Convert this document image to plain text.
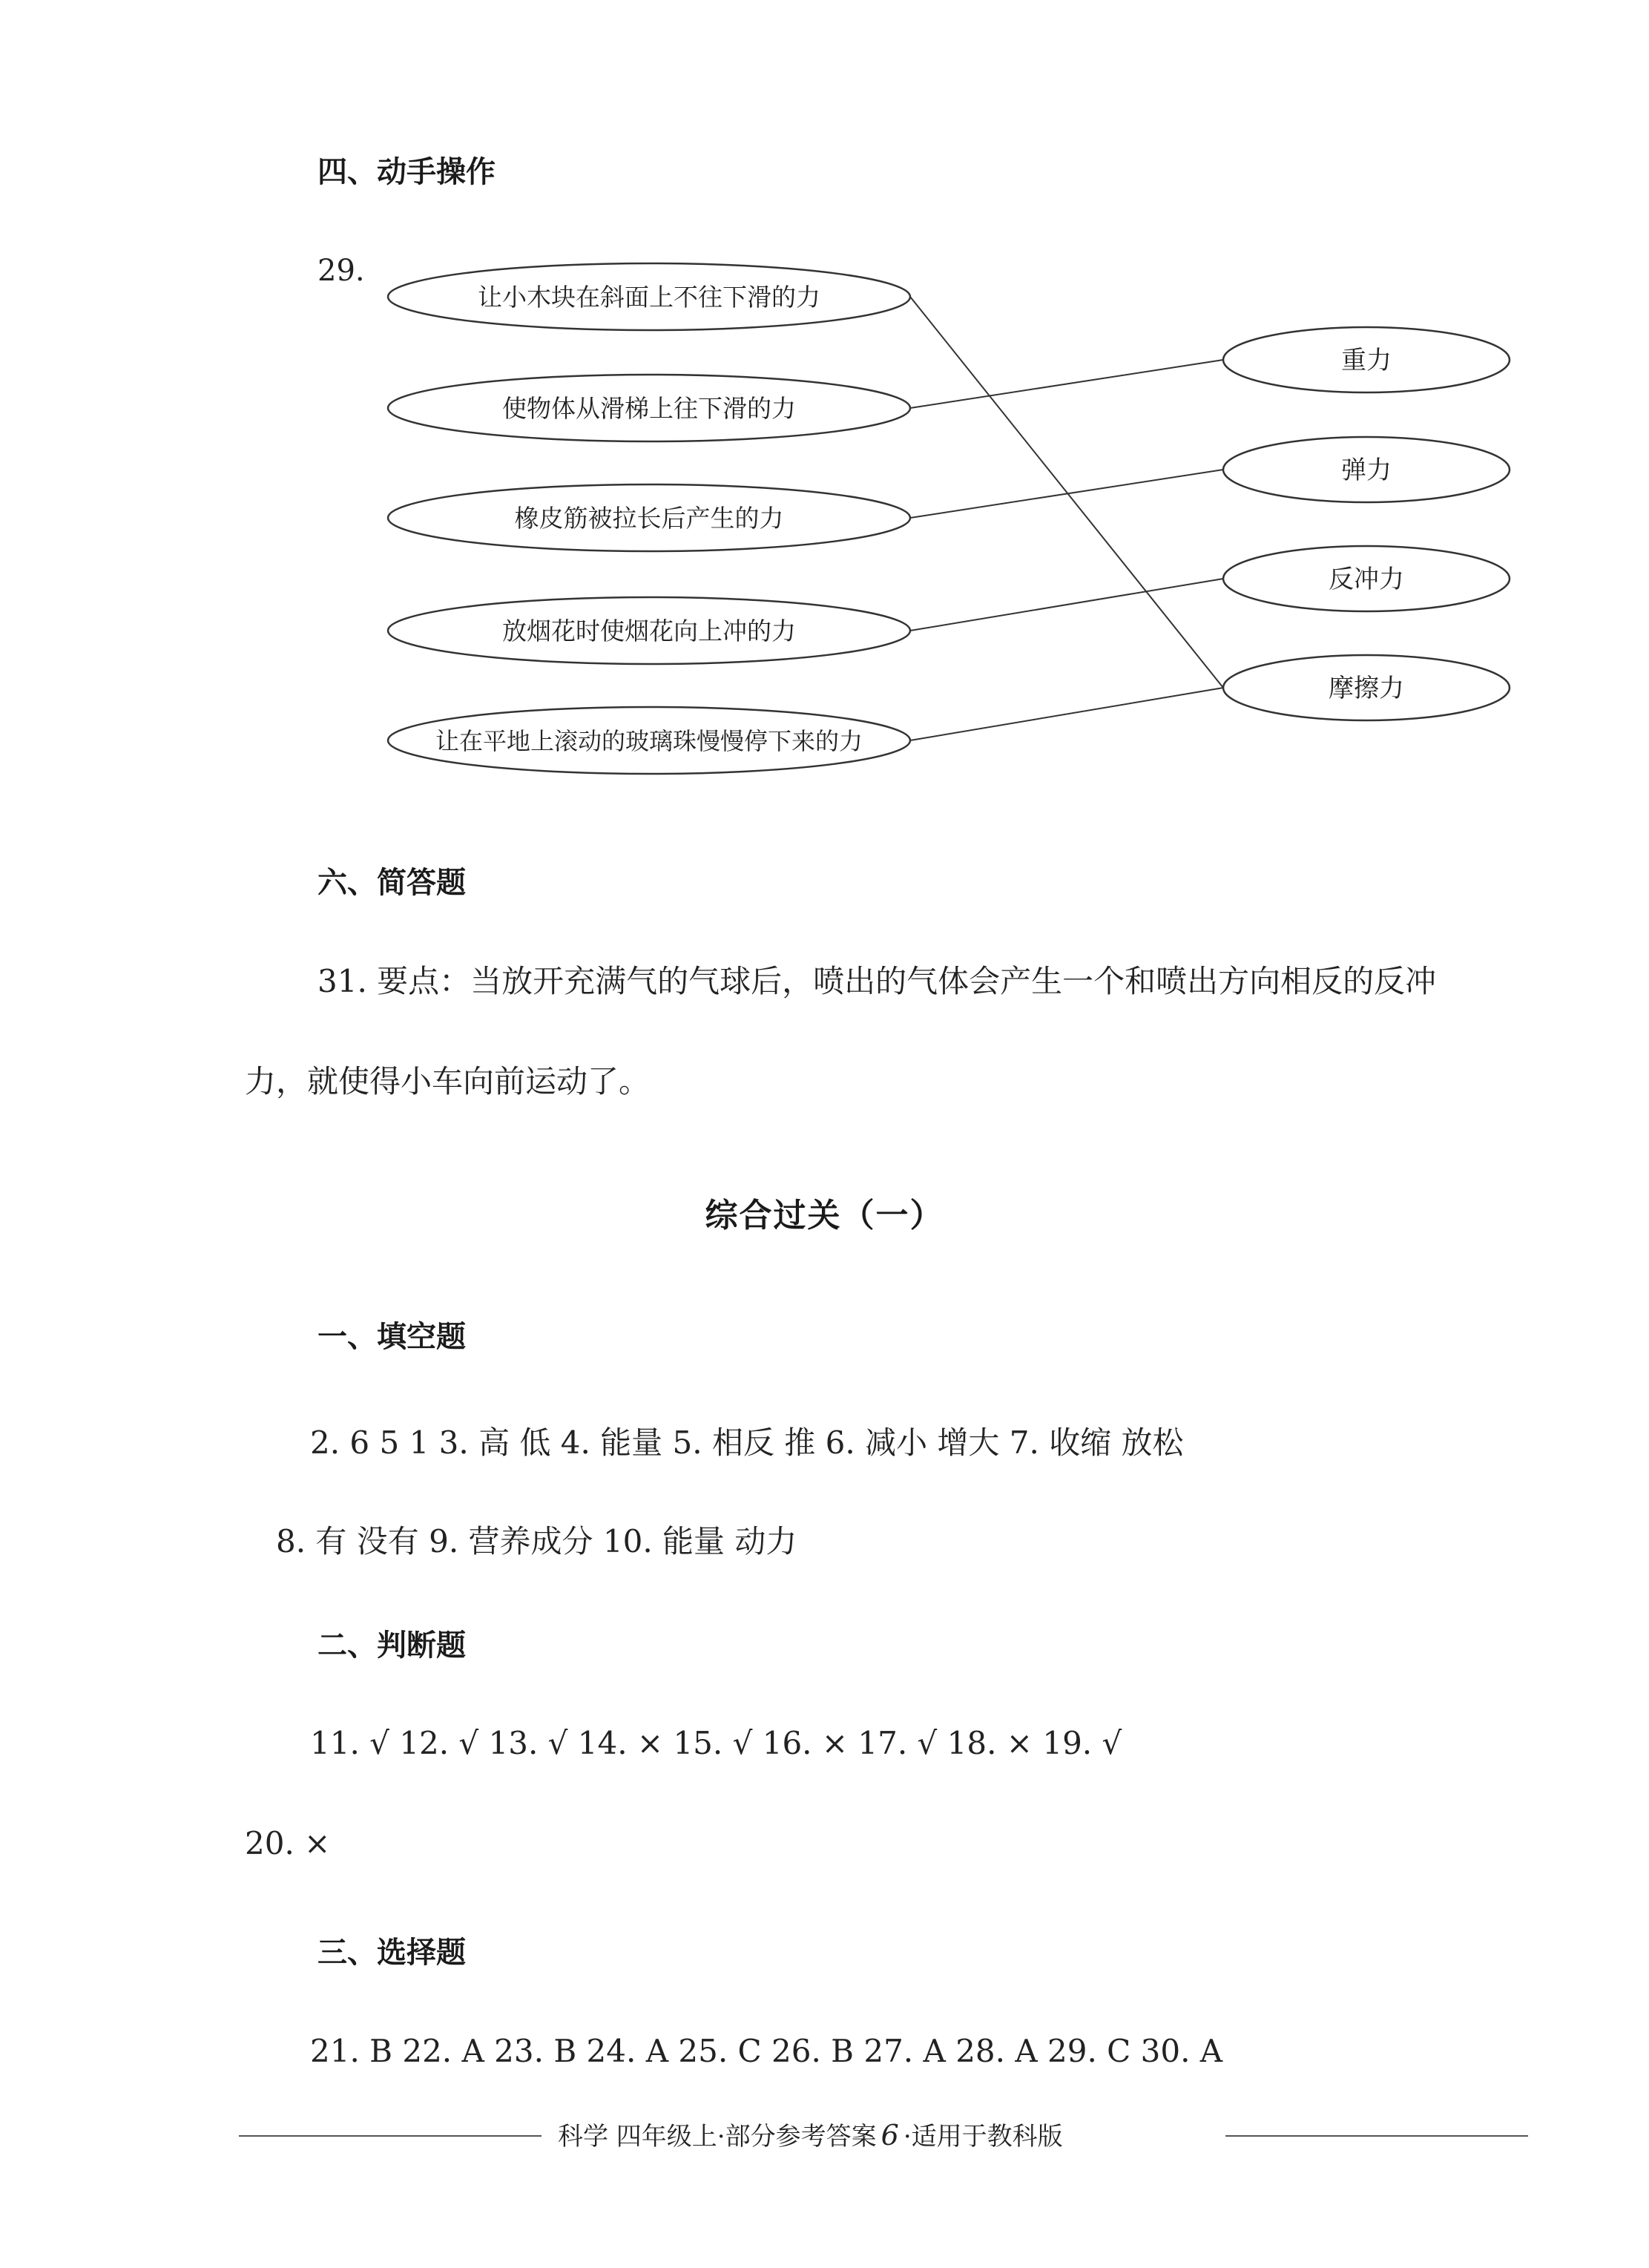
四、动手操作
29.
让小木块在斜面上不往下滑的力
使物体从滑梯上往下滑的力
橡皮筋被拉长后产生的力
放烟花时使烟花向上冲的力
让在平地上滚动的玻璃珠慢慢停下来的力
重力
弹力
反冲力
摩擦力
六、简答题
31. 要点：当放开充满气的气球后，喷出的气体会产生一个和喷出方向相反的反冲
力，就使得小车向前运动了。
综合过关（一）
一、填空题
2. 6 5 1 3. 高 低 4. 能量 5. 相反 推 6. 减小 增大 7. 收缩 放松
8. 有 没有 9. 营养成分 10. 能量 动力
二、判断题
11. √ 12. √ 13. √ 14. × 15. √ 16. × 17. √ 18. × 19. √
20. ×
三、选择题
21. B 22. A 23. B 24. A 25. C 26. B 27. A 28. A 29. C 30. A
科学 四年级上·部分参考答案 6 ·适用于教科版
